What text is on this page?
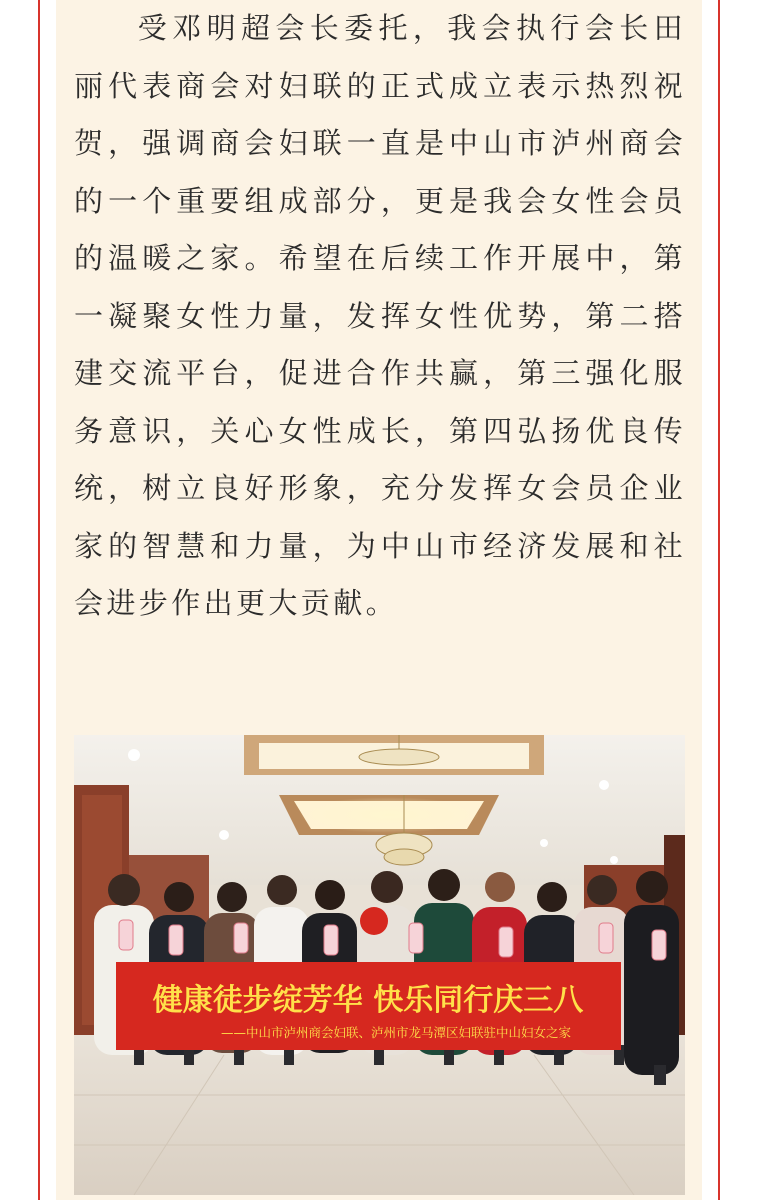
受邓明超会长委托，我会执行会长田丽代表商会对妇联的正式成立表示热烈祝贺，强调商会妇联一直是中山市泸州商会的一个重要组成部分，更是我会女性会员的温暖之家。希望在后续工作开展中，第一凝聚女性力量，发挥女性优势，第二搭建交流平台，促进合作共赢，第三强化服务意识，关心女性成长，第四弘扬优良传统，树立良好形象，充分发挥女会员企业家的智慧和力量，为中山市经济发展和社会进步作出更大贡献。

健康徒步绽芳华 快乐同行庆三八
——中山市泸州商会妇联、泸州市龙马潭区妇联驻中山妇女之家
